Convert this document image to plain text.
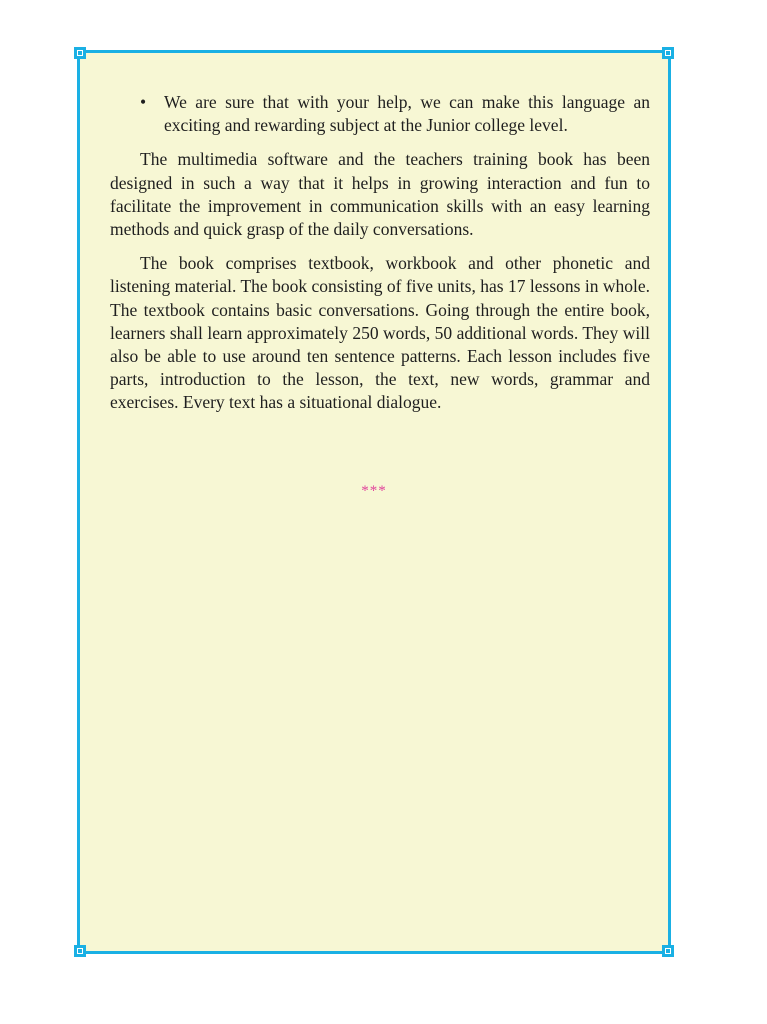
• We are sure that with your help, we can make this language an exciting and rewarding subject at the Junior college level.

The multimedia software and the teachers training book has been designed in such a way that it helps in growing interaction and fun to facilitate the improvement in communication skills with an easy learning methods and quick grasp of the daily conversations.

The book comprises textbook, workbook and other phonetic and listening material. The book consisting of five units, has 17 lessons in whole. The textbook contains basic conversations. Going through the entire book, learners shall learn approximately 250 words, 50 additional words. They will also be able to use around ten sentence patterns. Each lesson includes five parts, introduction to the lesson, the text, new words, grammar and exercises. Every text has a situational dialogue.

***
